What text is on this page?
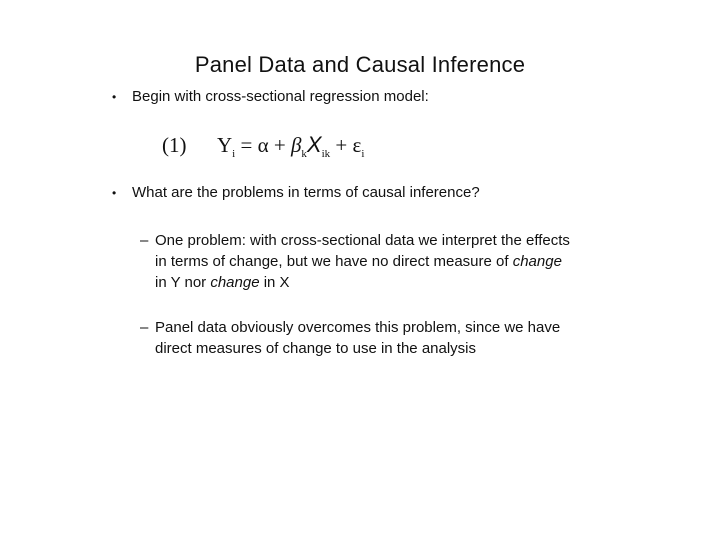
Panel Data and Causal Inference
•	Begin with cross-sectional regression model:
(1) $Y_i = \alpha + \beta_kX_{ik} + \varepsilon_i$
•	What are the problems in terms of causal inference?
– One problem: with cross-sectional data we interpret the effects
in terms of change, but we have no direct measure of change
in Y nor change in X
– Panel data obviously overcomes this problem, since we have
direct measures of change to use in the analysis
